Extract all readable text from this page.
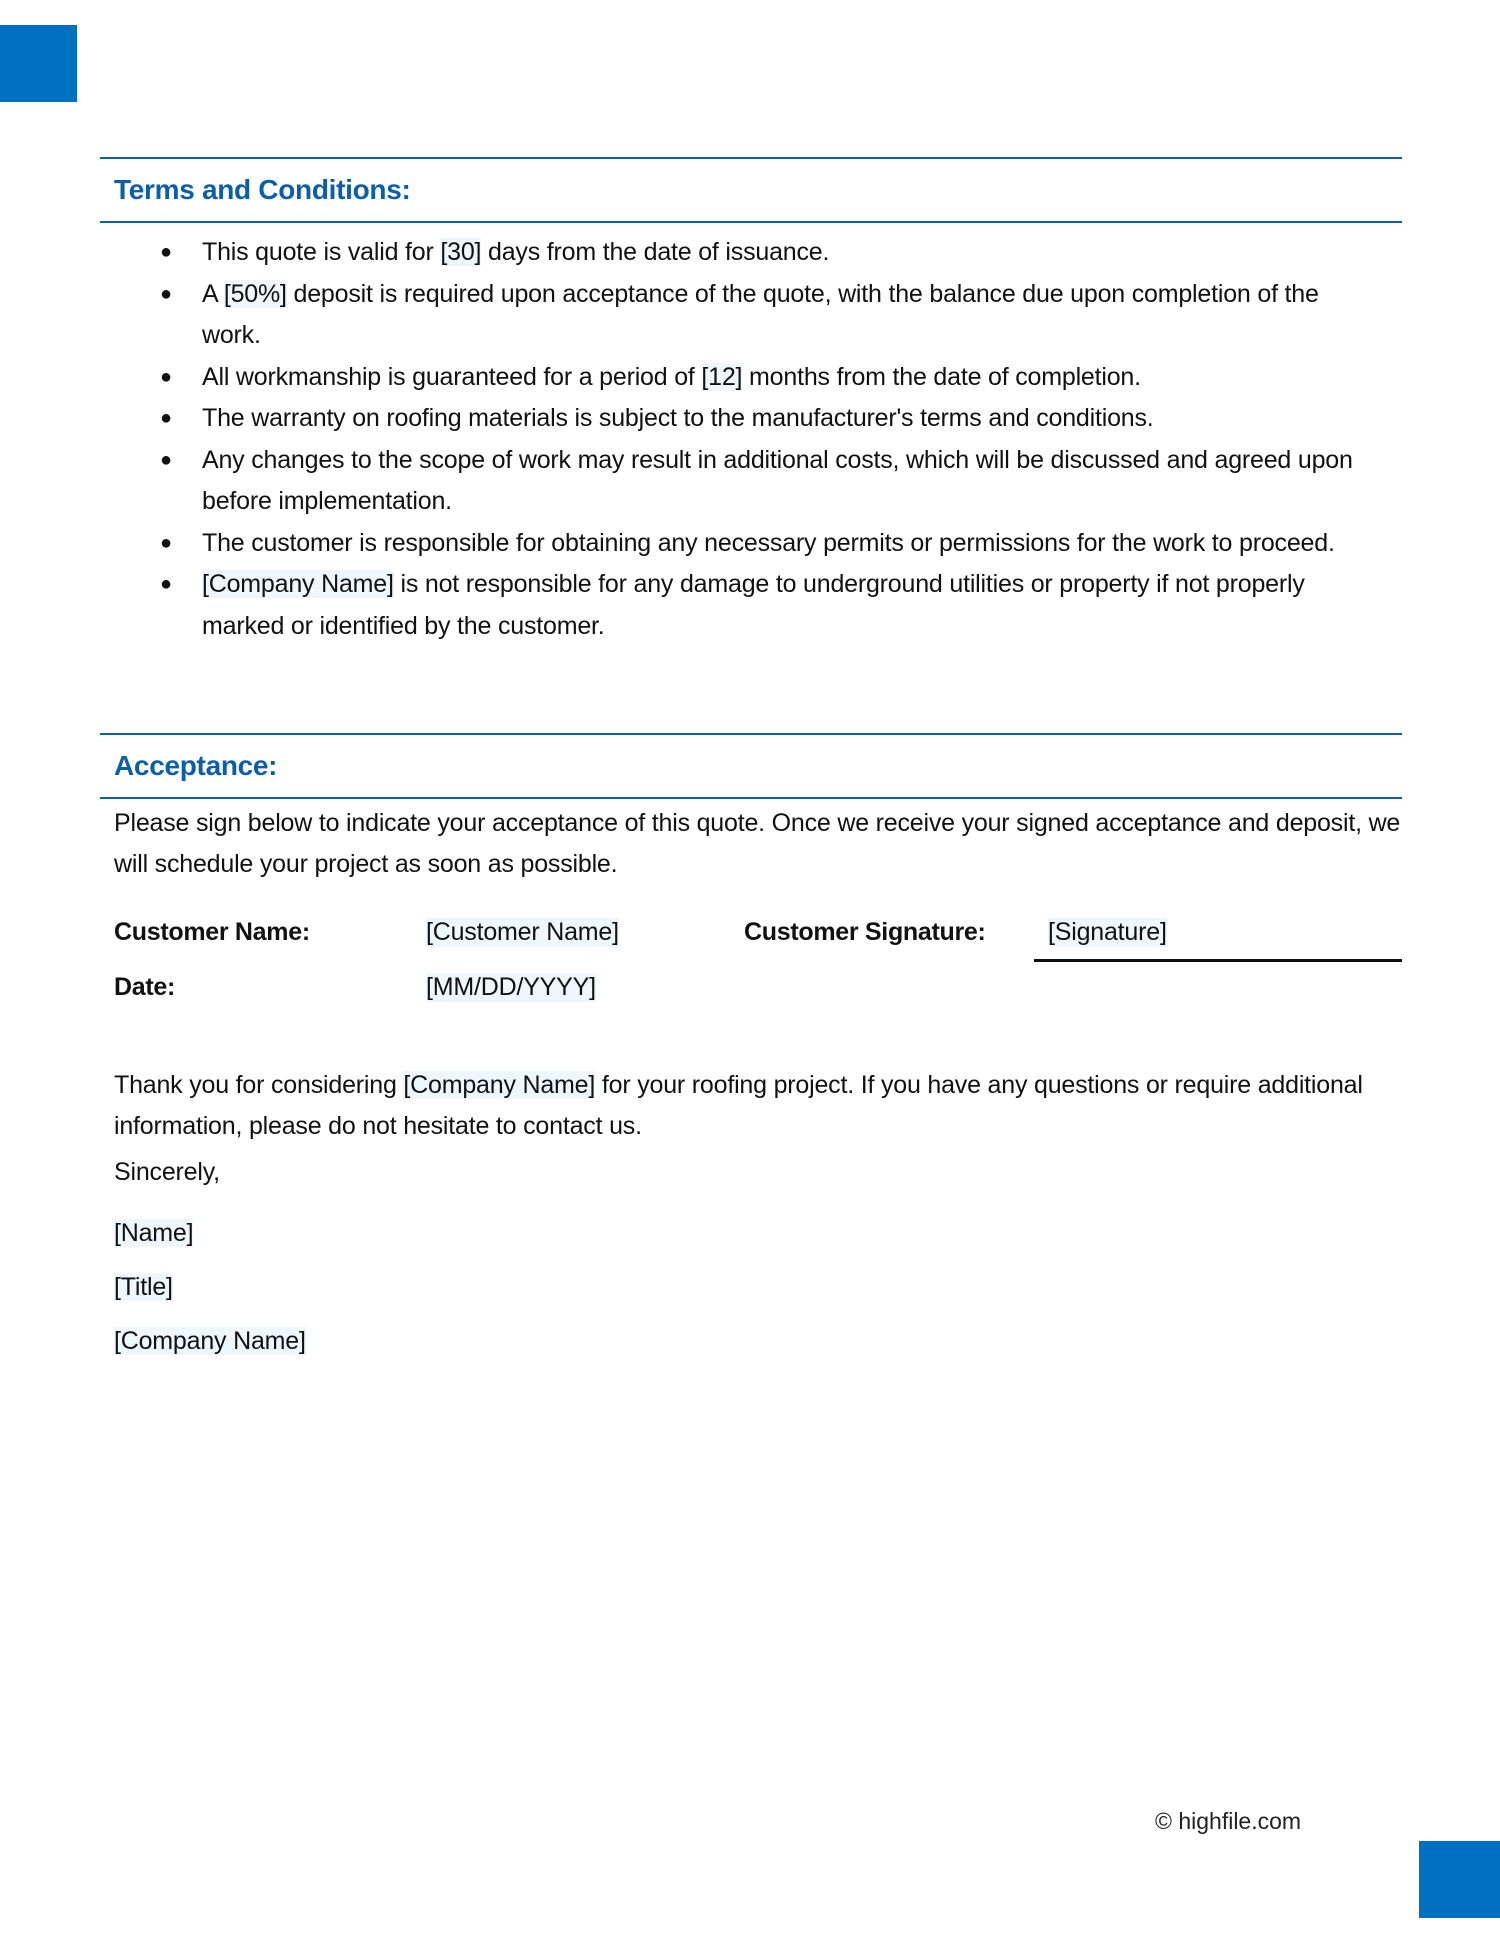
Terms and Conditions:
● This quote is valid for [30] days from the date of issuance.
● A [50%] deposit is required upon acceptance of the quote, with the balance due upon completion of the work.
● All workmanship is guaranteed for a period of [12] months from the date of completion.
● The warranty on roofing materials is subject to the manufacturer's terms and conditions.
● Any changes to the scope of work may result in additional costs, which will be discussed and agreed upon before implementation.
● The customer is responsible for obtaining any necessary permits or permissions for the work to proceed.
● [Company Name] is not responsible for any damage to underground utilities or property if not properly marked or identified by the customer.
Acceptance:
Please sign below to indicate your acceptance of this quote. Once we receive your signed acceptance and deposit, we will schedule your project as soon as possible.
Customer Name:	[Customer Name]	Customer Signature: [Signature]
Date:	[MM/DD/YYYY]
Thank you for considering [Company Name] for your roofing project. If you have any questions or require additional information, please do not hesitate to contact us.
Sincerely,
[Name]
[Title]
[Company Name]
© highfile.com
